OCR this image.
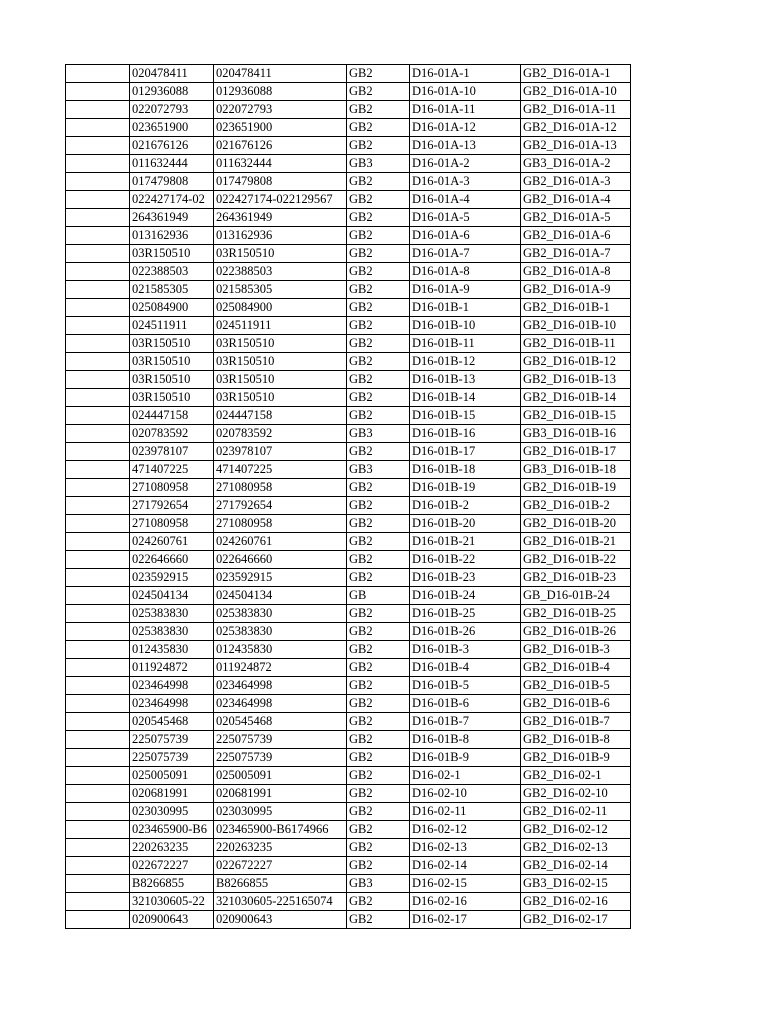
	020478411	020478411	GB2	D16-01A-1	GB2_D16-01A-1
	012936088	012936088	GB2	D16-01A-10	GB2_D16-01A-10
	022072793	022072793	GB2	D16-01A-11	GB2_D16-01A-11
	023651900	023651900	GB2	D16-01A-12	GB2_D16-01A-12
	021676126	021676126	GB2	D16-01A-13	GB2_D16-01A-13
	011632444	011632444	GB3	D16-01A-2	GB3_D16-01A-2
	017479808	017479808	GB2	D16-01A-3	GB2_D16-01A-3
	022427174-02	022427174-022129567	GB2	D16-01A-4	GB2_D16-01A-4
	264361949	264361949	GB2	D16-01A-5	GB2_D16-01A-5
	013162936	013162936	GB2	D16-01A-6	GB2_D16-01A-6
	03R150510	03R150510	GB2	D16-01A-7	GB2_D16-01A-7
	022388503	022388503	GB2	D16-01A-8	GB2_D16-01A-8
	021585305	021585305	GB2	D16-01A-9	GB2_D16-01A-9
	025084900	025084900	GB2	D16-01B-1	GB2_D16-01B-1
	024511911	024511911	GB2	D16-01B-10	GB2_D16-01B-10
	03R150510	03R150510	GB2	D16-01B-11	GB2_D16-01B-11
	03R150510	03R150510	GB2	D16-01B-12	GB2_D16-01B-12
	03R150510	03R150510	GB2	D16-01B-13	GB2_D16-01B-13
	03R150510	03R150510	GB2	D16-01B-14	GB2_D16-01B-14
	024447158	024447158	GB2	D16-01B-15	GB2_D16-01B-15
	020783592	020783592	GB3	D16-01B-16	GB3_D16-01B-16
	023978107	023978107	GB2	D16-01B-17	GB2_D16-01B-17
	471407225	471407225	GB3	D16-01B-18	GB3_D16-01B-18
	271080958	271080958	GB2	D16-01B-19	GB2_D16-01B-19
	271792654	271792654	GB2	D16-01B-2	GB2_D16-01B-2
	271080958	271080958	GB2	D16-01B-20	GB2_D16-01B-20
	024260761	024260761	GB2	D16-01B-21	GB2_D16-01B-21
	022646660	022646660	GB2	D16-01B-22	GB2_D16-01B-22
	023592915	023592915	GB2	D16-01B-23	GB2_D16-01B-23
	024504134	024504134	GB	D16-01B-24	GB_D16-01B-24
	025383830	025383830	GB2	D16-01B-25	GB2_D16-01B-25
	025383830	025383830	GB2	D16-01B-26	GB2_D16-01B-26
	012435830	012435830	GB2	D16-01B-3	GB2_D16-01B-3
	011924872	011924872	GB2	D16-01B-4	GB2_D16-01B-4
	023464998	023464998	GB2	D16-01B-5	GB2_D16-01B-5
	023464998	023464998	GB2	D16-01B-6	GB2_D16-01B-6
	020545468	020545468	GB2	D16-01B-7	GB2_D16-01B-7
	225075739	225075739	GB2	D16-01B-8	GB2_D16-01B-8
	225075739	225075739	GB2	D16-01B-9	GB2_D16-01B-9
	025005091	025005091	GB2	D16-02-1	GB2_D16-02-1
	020681991	020681991	GB2	D16-02-10	GB2_D16-02-10
	023030995	023030995	GB2	D16-02-11	GB2_D16-02-11
	023465900-B6	023465900-B6174966	GB2	D16-02-12	GB2_D16-02-12
	220263235	220263235	GB2	D16-02-13	GB2_D16-02-13
	022672227	022672227	GB2	D16-02-14	GB2_D16-02-14
	B8266855	B8266855	GB3	D16-02-15	GB3_D16-02-15
	321030605-22	321030605-225165074	GB2	D16-02-16	GB2_D16-02-16
	020900643	020900643	GB2	D16-02-17	GB2_D16-02-17
